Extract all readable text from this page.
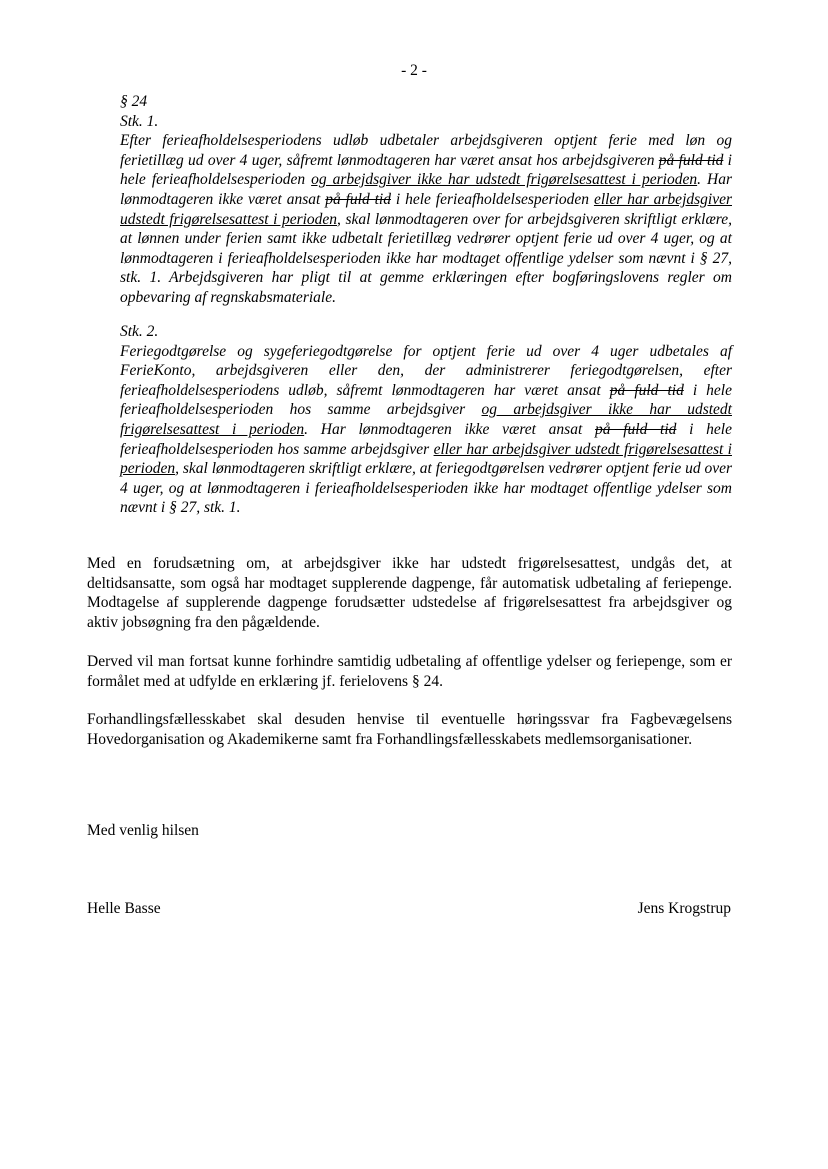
- 2 -

§ 24

Stk. 1.

Efter ferieafholdelsesperiodens udløb udbetaler arbejdsgiveren optjent ferie med løn og ferietillæg ud over 4 uger, såfremt lønmodtageren har været ansat hos arbejdsgiveren på fuld tid i hele ferieafholdelsesperioden og arbejdsgiver ikke har udstedt frigørelsesattest i perioden. Har lønmodtageren ikke været ansat på fuld tid i hele ferieafholdelsesperioden eller har arbejdsgiver udstedt frigørelsesattest i perioden, skal lønmodtageren over for arbejdsgiveren skriftligt erklære, at lønnen under ferien samt ikke udbetalt ferietillæg vedrører optjent ferie ud over 4 uger, og at lønmodtageren i ferieafholdelsesperioden ikke har modtaget offentlige ydelser som nævnt i § 27, stk. 1. Arbejdsgiveren har pligt til at gemme erklæringen efter bogføringslovens regler om opbevaring af regnskabsmateriale.

Stk. 2.

Feriegodtgørelse og sygeferiegodtgørelse for optjent ferie ud over 4 uger udbetales af FerieKonto, arbejdsgiveren eller den, der administrerer feriegodtgørelsen, efter ferieafholdelsesperiodens udløb, såfremt lønmodtageren har været ansat på fuld tid i hele ferieafholdelsesperioden hos samme arbejdsgiver og arbejdsgiver ikke har udstedt frigørelsesattest i perioden. Har lønmodtageren ikke været ansat på fuld tid i hele ferieafholdelsesperioden hos samme arbejdsgiver eller har arbejdsgiver udstedt frigørelsesattest i perioden, skal lønmodtageren skriftligt erklære, at feriegodtgørelsen vedrører optjent ferie ud over 4 uger, og at lønmodtageren i ferieafholdelsesperioden ikke har modtaget offentlige ydelser som nævnt i § 27, stk. 1.

Med en forudsætning om, at arbejdsgiver ikke har udstedt frigørelsesattest, undgås det, at deltidsansatte, som også har modtaget supplerende dagpenge, får automatisk udbetaling af feriepenge. Modtagelse af supplerende dagpenge forudsætter udstedelse af frigørelsesattest fra arbejdsgiver og aktiv jobsøgning fra den pågældende.
Derved vil man fortsat kunne forhindre samtidig udbetaling af offentlige ydelser og feriepenge, som er formålet med at udfylde en erklæring jf. ferielovens § 24.
Forhandlingsfællesskabet skal desuden henvise til eventuelle høringssvar fra Fagbevægelsens Hovedorganisation og Akademikerne samt fra Forhandlingsfællesskabets medlemsorganisationer.
Med venlig hilsen
Helle Basse	Jens Krogstrup
